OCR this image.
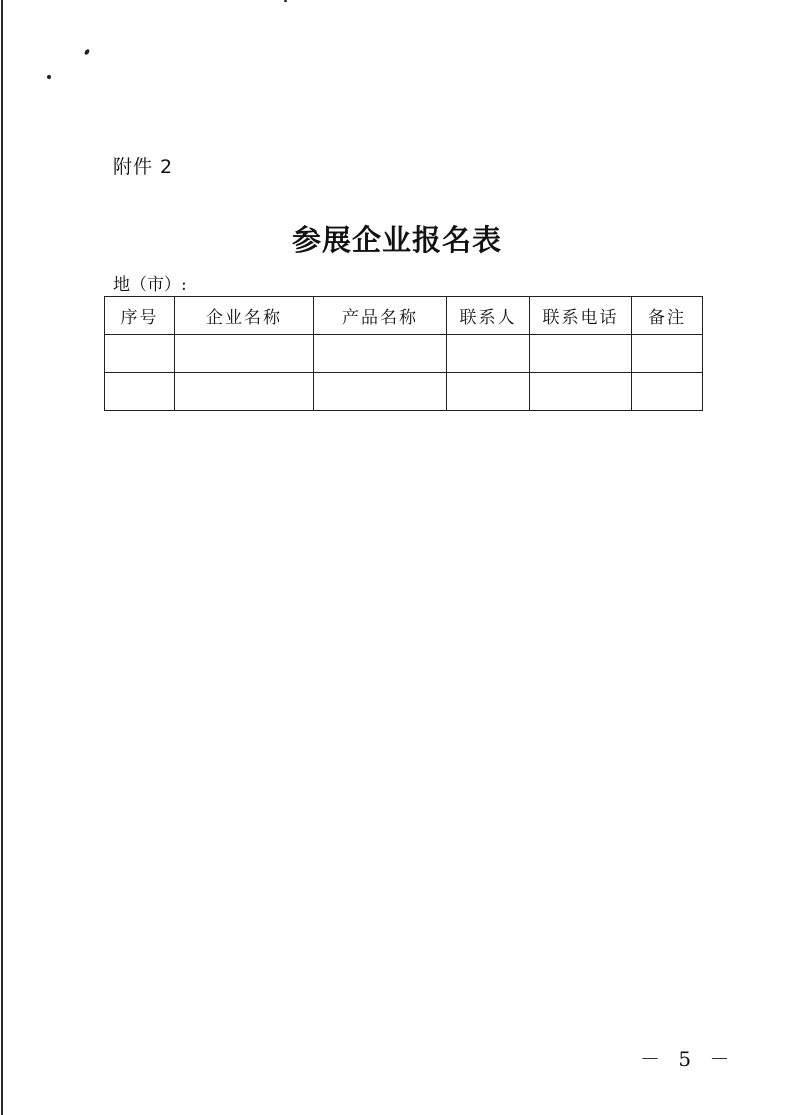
附件 2
参展企业报名表
地（市）:
序号	企业名称	产品名称	联系人	联系电话	备注

－ 5 －
